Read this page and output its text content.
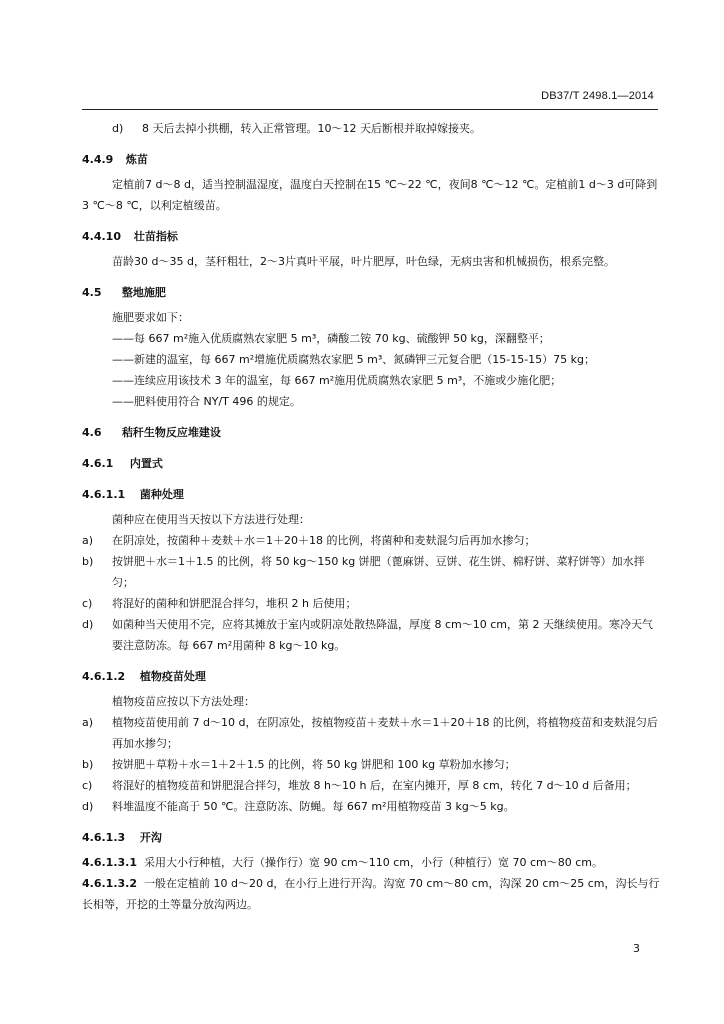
DB37/T 2498.1—2014
d)	8 天后去掉小拱棚，转入正常管理。10～12 天后断根并取掉嫁接夹。
4.4.9 炼苗
定植前7 d～8 d，适当控制温湿度，温度白天控制在15 ℃～22 ℃，夜间8 ℃～12 ℃。定植前1 d～3 d可降到3 ℃～8 ℃，以利定植缓苗。
4.4.10 壮苗指标
苗龄30 d～35 d，茎秆粗壮，2～3片真叶平展，叶片肥厚，叶色绿，无病虫害和机械损伤，根系完整。
4.5 整地施肥
施肥要求如下：
——每 667 m²施入优质腐熟农家肥 5 m³，磷酸二铵 70 kg、硫酸钾 50 kg，深翻整平；
——新建的温室，每 667 m²增施优质腐熟农家肥 5 m³、氮磷钾三元复合肥（15-15-15）75 kg；
——连续应用该技术 3 年的温室，每 667 m²施用优质腐熟农家肥 5 m³，不施或少施化肥；
——肥料使用符合 NY/T 496 的规定。
4.6 秸秆生物反应堆建设
4.6.1 内置式
4.6.1.1 菌种处理
菌种应在使用当天按以下方法进行处理：
a)	在阴凉处，按菌种＋麦麸＋水＝1＋20＋18 的比例，将菌种和麦麸混匀后再加水掺匀；
b)	按饼肥＋水＝1＋1.5 的比例，将 50 kg～150 kg 饼肥（蓖麻饼、豆饼、花生饼、棉籽饼、菜籽饼等）加水拌匀；
c)	将混好的菌种和饼肥混合拌匀，堆积 2 h 后使用；
d)	如菌种当天使用不完，应将其摊放于室内或阴凉处散热降温，厚度 8 cm～10 cm，第 2 天继续使用。寒冷天气要注意防冻。每 667 m²用菌种 8 kg～10 kg。
4.6.1.2 植物疫苗处理
植物疫苗应按以下方法处理：
a)	植物疫苗使用前 7 d～10 d，在阴凉处，按植物疫苗＋麦麸＋水＝1＋20＋18 的比例，将植物疫苗和麦麸混匀后再加水掺匀；
b)	按饼肥＋草粉＋水＝1＋2＋1.5 的比例，将 50 kg 饼肥和 100 kg 草粉加水掺匀；
c)	将混好的植物疫苗和饼肥混合拌匀，堆放 8 h～10 h 后，在室内摊开，厚 8 cm，转化 7 d～10 d 后备用；
d)	料堆温度不能高于 50 ℃。注意防冻、防蝇。每 667 m²用植物疫苗 3 kg～5 kg。
4.6.1.3 开沟
4.6.1.3.1 采用大小行种植，大行（操作行）宽 90 cm～110 cm，小行（种植行）宽 70 cm～80 cm。
4.6.1.3.2 一般在定植前 10 d～20 d，在小行上进行开沟。沟宽 70 cm～80 cm，沟深 20 cm～25 cm，沟长与行长相等，开挖的土等量分放沟两边。
3
